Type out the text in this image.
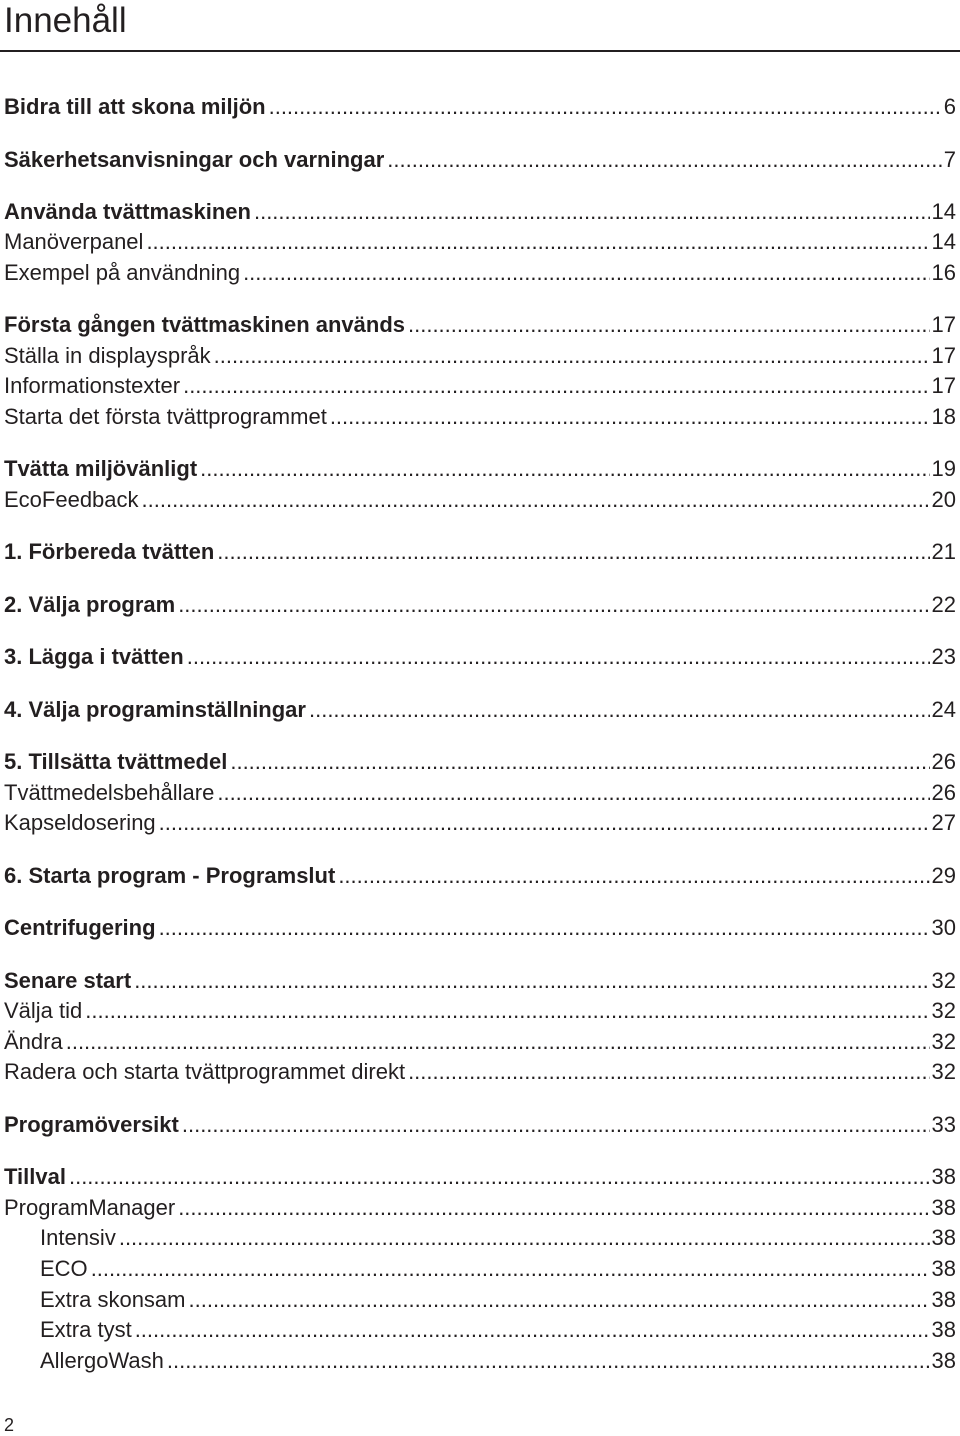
Innehåll
Bidra till att skona miljön .....	6
Säkerhetsanvisningar och varningar .....	7
Använda tvättmaskinen .....	14
Manöverpanel .....	14
Exempel på användning .....	16
Första gången tvättmaskinen används .....	17
Ställa in displayspråk .....	17
Informationstexter .....	17
Starta det första tvättprogrammet .....	18
Tvätta miljövänligt .....	19
EcoFeedback .....	20
1. Förbereda tvätten .....	21
2. Välja program .....	22
3. Lägga i tvätten .....	23
4. Välja programinställningar .....	24
5. Tillsätta tvättmedel .....	26
Tvättmedelsbehållare .....	26
Kapseldosering .....	27
6. Starta program - Programslut .....	29
Centrifugering .....	30
Senare start .....	32
Välja tid .....	32
Ändra .....	32
Radera och starta tvättprogrammet direkt .....	32
Programöversikt .....	33
Tillval .....	38
ProgramManager .....	38
Intensiv .....	38
ECO .....	38
Extra skonsam .....	38
Extra tyst .....	38
AllergoWash .....	38
2
